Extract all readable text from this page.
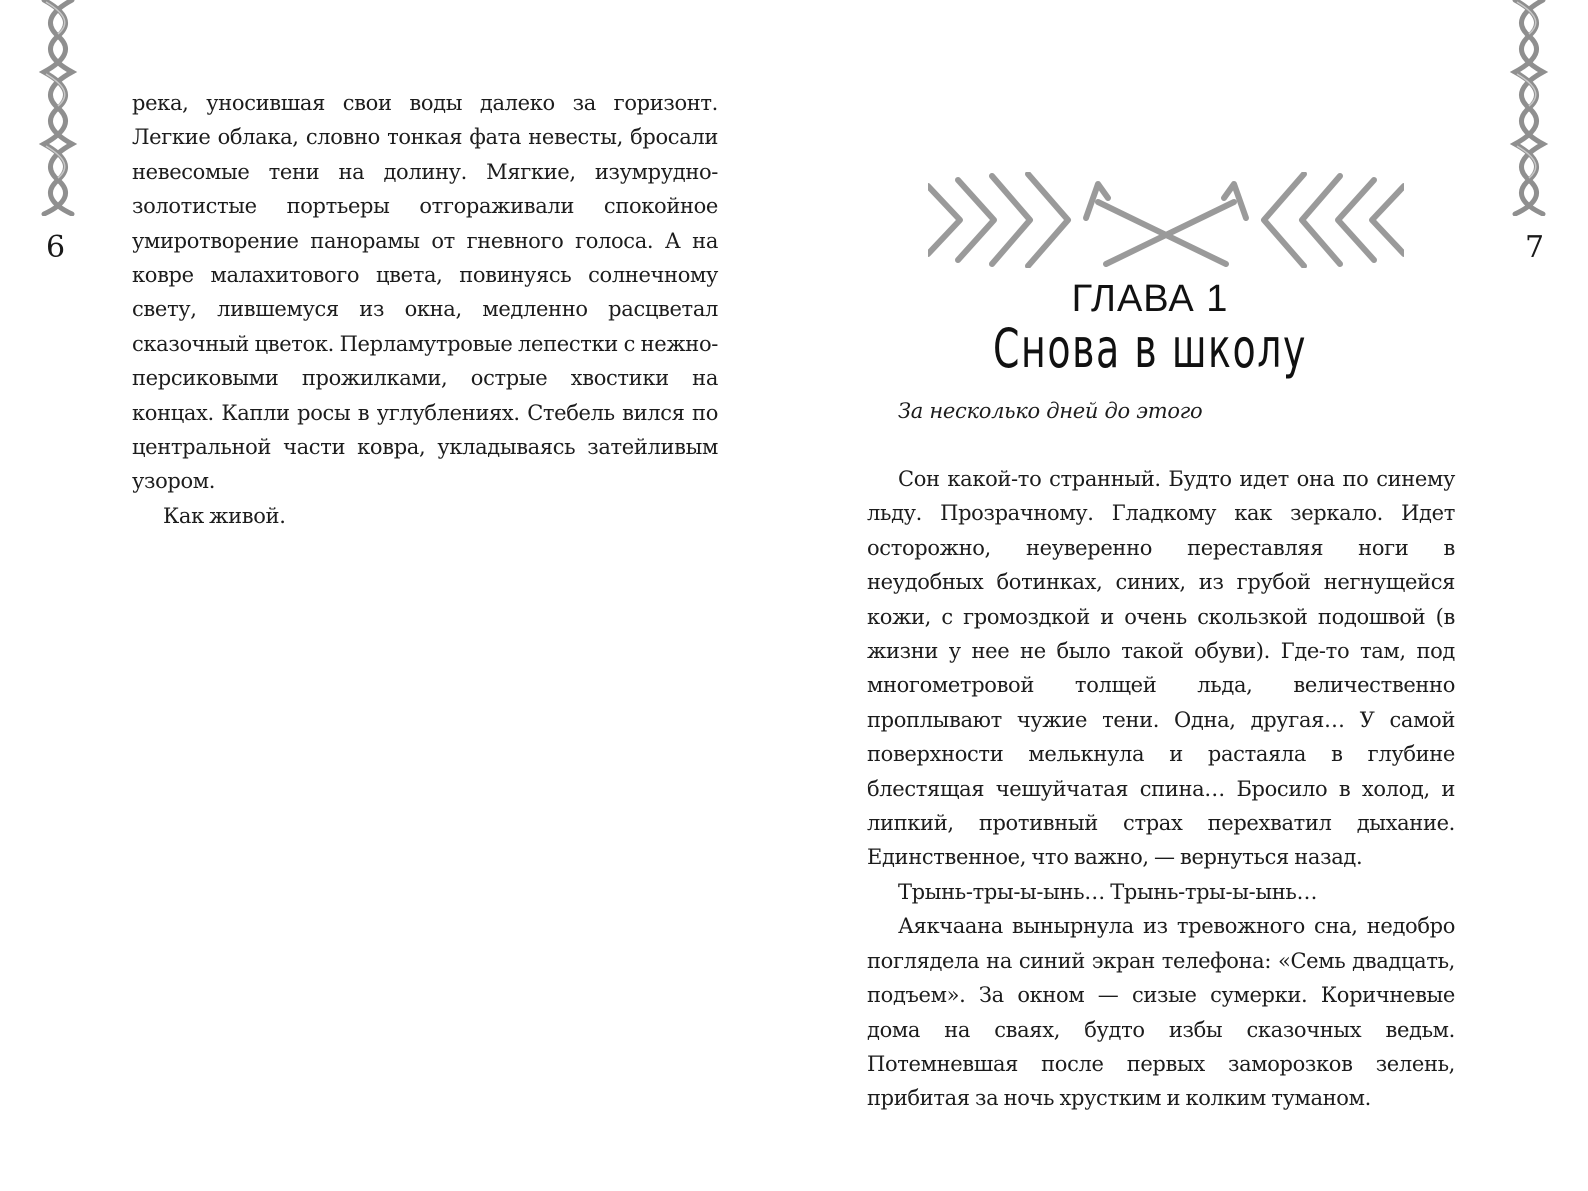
6

река, уносившая свои воды далеко за горизонт. Легкие облака, словно тонкая фата невесты, бросали невесомые тени на долину. Мягкие, изумрудно-золотистые портьеры отгораживали спокойное умиротворение панорамы от гневного голоса. А на ковре малахитового цвета, повинуясь солнечному свету, лившемуся из окна, медленно расцветал сказочный цветок. Перламутровые лепестки с нежно-персиковыми прожилками, острые хвостики на концах. Капли росы в углублениях. Стебель вился по центральной части ковра, укладываясь затейливым узором.

Как живой.

7
ГЛАВА 1
Снова в школу
За несколько дней до этого

Сон какой-то странный. Будто идет она по синему льду. Прозрачному. Гладкому как зеркало. Идет осторожно, неуверенно переставляя ноги в неудобных ботинках, синих, из грубой негнущейся кожи, с громоздкой и очень скользкой подошвой (в жизни у нее не было такой обуви). Где-то там, под многометровой толщей льда, величественно проплывают чужие тени. Одна, другая… У самой поверхности мелькнула и растаяла в глубине блестящая чешуйчатая спина… Бросило в холод, и липкий, противный страх перехватил дыхание. Единственное, что важно, — вернуться назад.

Трынь-тры-ы-ынь… Трынь-тры-ы-ынь…

Аякчаана вынырнула из тревожного сна, недобро поглядела на синий экран телефона: «Семь двадцать, подъем». За окном — сизые сумерки. Коричневые дома на сваях, будто избы сказочных ведьм. Потемневшая после первых заморозков зелень, прибитая за ночь хрустким и колким туманом.
